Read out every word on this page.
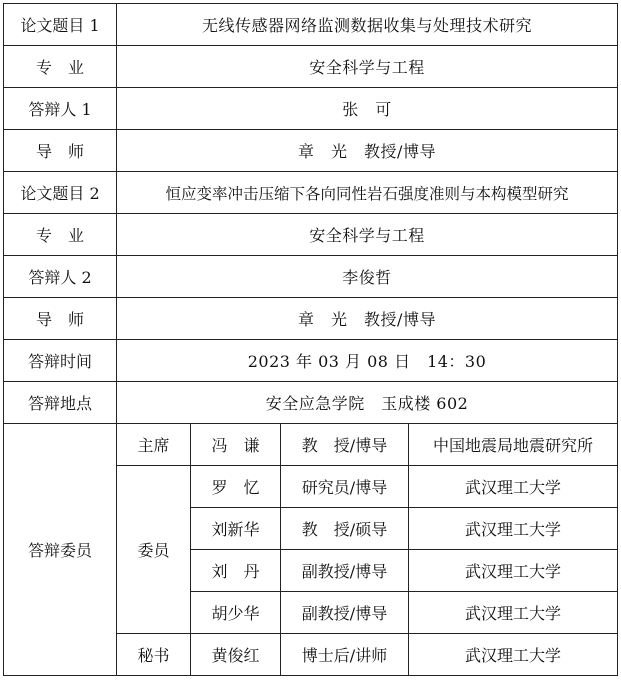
论文题目 1	无线传感器网络监测数据收集与处理技术研究			
专　业	安全科学与工程			
答辩人 1	张　可			
导　师	章　光　教授/博导			
论文题目 2	恒应变率冲击压缩下各向同性岩石强度准则与本构模型研究			
专　业	安全科学与工程			
答辩人 2	李俊哲			
导　师	章　光　教授/博导			
答辩时间	2023 年 03 月 08 日　14：30			
答辩地点	安全应急学院　玉成楼 602			
答辩委员	主席	冯　谦	教　授/博导	中国地震局地震研究所
	委员	罗　忆	研究员/博导	武汉理工大学
		刘新华	教　授/硕导	武汉理工大学
		刘　丹	副教授/博导	武汉理工大学
		胡少华	副教授/博导	武汉理工大学
	秘书	黄俊红	博士后/讲师	武汉理工大学
